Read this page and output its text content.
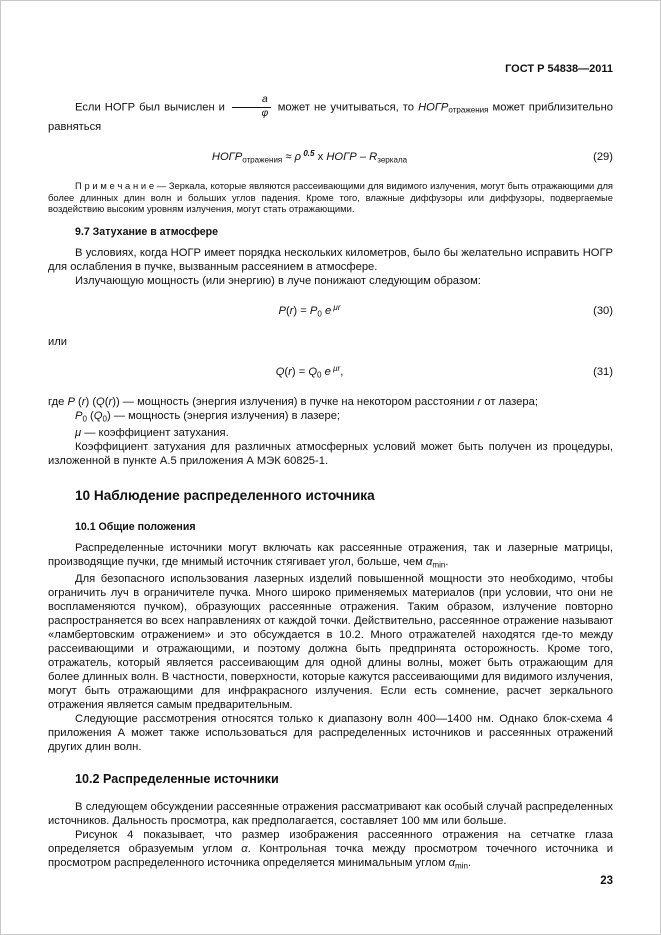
ГОСТ Р 54838—2011

Если НОГР был вычислен и $\frac{a}{\varphi}$ может не учитываться, то $НОГР_{отражения}$ может приблизительно равняться

$НОГР_{отражения} \approx \rho$ $^{0.5}$ х НОГР – $R_{зеркала}$	(29)

П р и м е ч а н и е — Зеркала, которые являются рассеивающими для видимого излучения, могут быть отражающими для более длинных длин волн и больших углов падения. Кроме того, влажные диффузоры или диффузоры, подвергаемые воздействию высоким уровням излучения, могут стать отражающими.

9.7 Затухание в атмосфере

В условиях, когда НОГР имеет порядка нескольких километров, было бы желательно исправить НОГР для ослабления в пучке, вызванным рассеянием в атмосфере.

Излучающую мощность (или энергию) в луче понижают следующим образом:

$P(r) = P_0$ e $^{\mu r}$	(30)

или

$Q(r) = Q_0$ e $^{\mu r}$,	(31)

где P (r) (Q(r)) — мощность (энергия излучения) в пучке на некотором расстоянии r от лазера;

$P_0$ $(Q_0)$ — мощность (энергия излучения) в лазере;

μ — коэффициент затухания.

Коэффициент затухания для различных атмосферных условий может быть получен из процедуры, изложенной в пункте А.5 приложения А МЭК 60825-1.

10 Наблюдение распределенного источника
10.1 Общие положения

Распределенные источники могут включать как рассеянные отражения, так и лазерные матрицы, производящие пучки, где мнимый источник стягивает угол, больше, чем $\alpha_{min}$.

Для безопасного использования лазерных изделий повышенной мощности это необходимо, чтобы ограничить луч в ограничителе пучка. Много широко применяемых материалов (при условии, что они не воспламеняются пучком), образующих рассеянные отражения. Таким образом, излучение повторно распространяется во всех направлениях от каждой точки. Действительно, рассеянное отражение называют «ламбертовским отражением» и это обсуждается в 10.2. Много отражателей находятся где-то между рассеивающими и отражающими, и поэтому должна быть предпринята осторожность. Кроме того, отражатель, который является рассеивающим для одной длины волны, может быть отражающим для более длинных волн. В частности, поверхности, которые кажутся рассеивающими для видимого излучения, могут быть отражающими для инфракрасного излучения. Если есть сомнение, расчет зеркального отражения является самым предварительным.

Следующие рассмотрения относятся только к диапазону волн 400—1400 нм. Однако блок-схема 4 приложения А может также использоваться для распределенных источников и рассеянных отражений других длин волн.

10.2 Распределенные источники

В следующем обсуждении рассеянные отражения рассматривают как особый случай распределенных источников. Дальность просмотра, как предполагается, составляет 100 мм или больше.

Рисунок 4 показывает, что размер изображения рассеянного отражения на сетчатке глаза определяется образуемым углом α. Контрольная точка между просмотром точечного источника и просмотром распределенного источника определяется минимальным углом $\alpha_{min}$.

23
